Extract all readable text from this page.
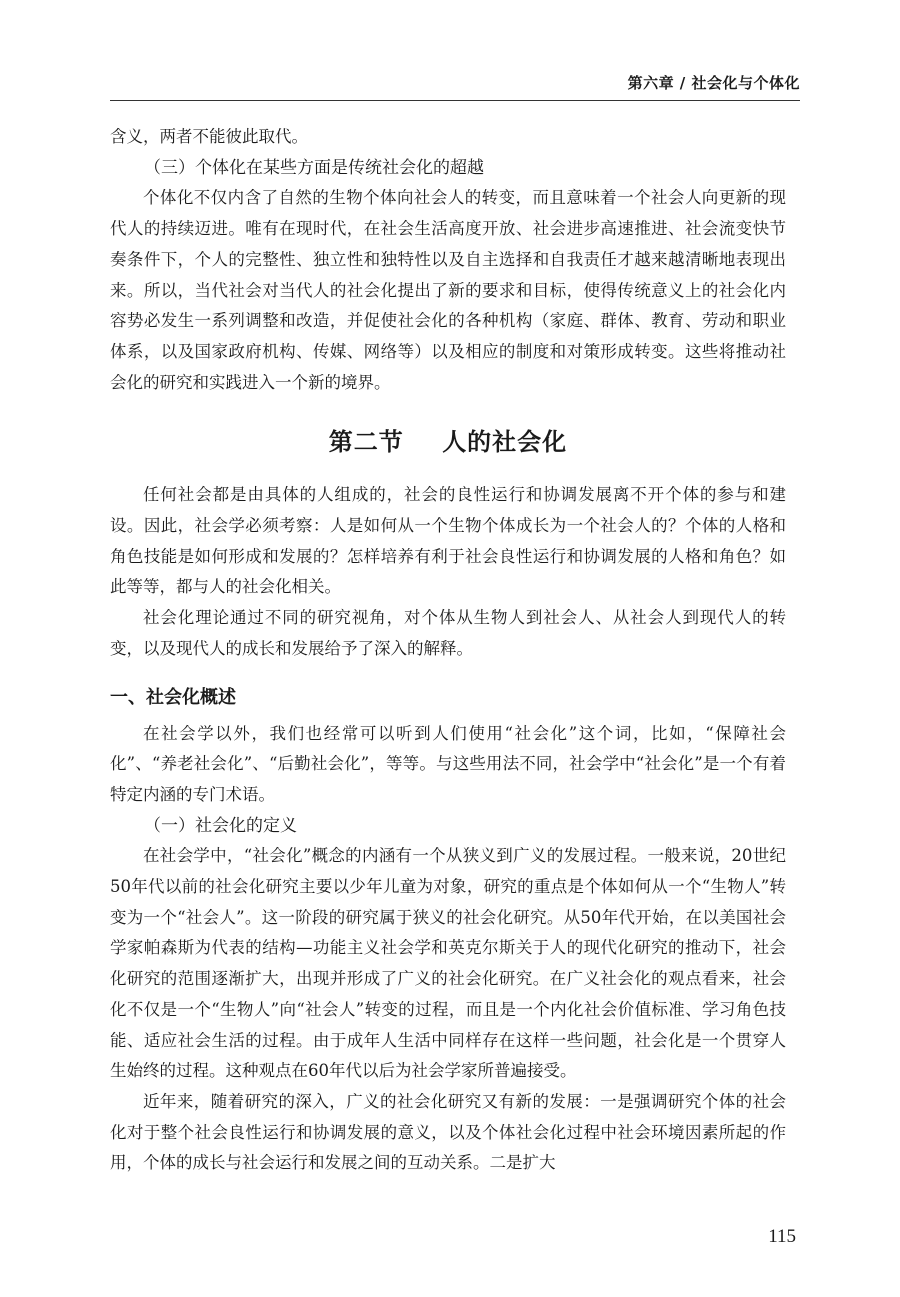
第六章 / 社会化与个体化

含义，两者不能彼此取代。

（三）个体化在某些方面是传统社会化的超越

个体化不仅内含了自然的生物个体向社会人的转变，而且意味着一个社会人向更新的现代人的持续迈进。唯有在现时代，在社会生活高度开放、社会进步高速推进、社会流变快节奏条件下，个人的完整性、独立性和独特性以及自主选择和自我责任才越来越清晰地表现出来。所以，当代社会对当代人的社会化提出了新的要求和目标，使得传统意义上的社会化内容势必发生一系列调整和改造，并促使社会化的各种机构（家庭、群体、教育、劳动和职业体系，以及国家政府机构、传媒、网络等）以及相应的制度和对策形成转变。这些将推动社会化的研究和实践进入一个新的境界。

第二节 人的社会化

任何社会都是由具体的人组成的，社会的良性运行和协调发展离不开个体的参与和建设。因此，社会学必须考察：人是如何从一个生物个体成长为一个社会人的？个体的人格和角色技能是如何形成和发展的？怎样培养有利于社会良性运行和协调发展的人格和角色？如此等等，都与人的社会化相关。

社会化理论通过不同的研究视角，对个体从生物人到社会人、从社会人到现代人的转变，以及现代人的成长和发展给予了深入的解释。

一、社会化概述

在社会学以外，我们也经常可以听到人们使用“社会化”这个词，比如，“保障社会化”、“养老社会化”、“后勤社会化”，等等。与这些用法不同，社会学中“社会化”是一个有着特定内涵的专门术语。

（一）社会化的定义

在社会学中，“社会化”概念的内涵有一个从狭义到广义的发展过程。一般来说，20世纪50年代以前的社会化研究主要以少年儿童为对象，研究的重点是个体如何从一个“生物人”转变为一个“社会人”。这一阶段的研究属于狭义的社会化研究。从50年代开始，在以美国社会学家帕森斯为代表的结构—功能主义社会学和英克尔斯关于人的现代化研究的推动下，社会化研究的范围逐渐扩大，出现并形成了广义的社会化研究。在广义社会化的观点看来，社会化不仅是一个“生物人”向“社会人”转变的过程，而且是一个内化社会价值标准、学习角色技能、适应社会生活的过程。由于成年人生活中同样存在这样一些问题，社会化是一个贯穿人生始终的过程。这种观点在60年代以后为社会学家所普遍接受。

近年来，随着研究的深入，广义的社会化研究又有新的发展：一是强调研究个体的社会化对于整个社会良性运行和协调发展的意义，以及个体社会化过程中社会环境因素所起的作用，个体的成长与社会运行和发展之间的互动关系。二是扩大

115
